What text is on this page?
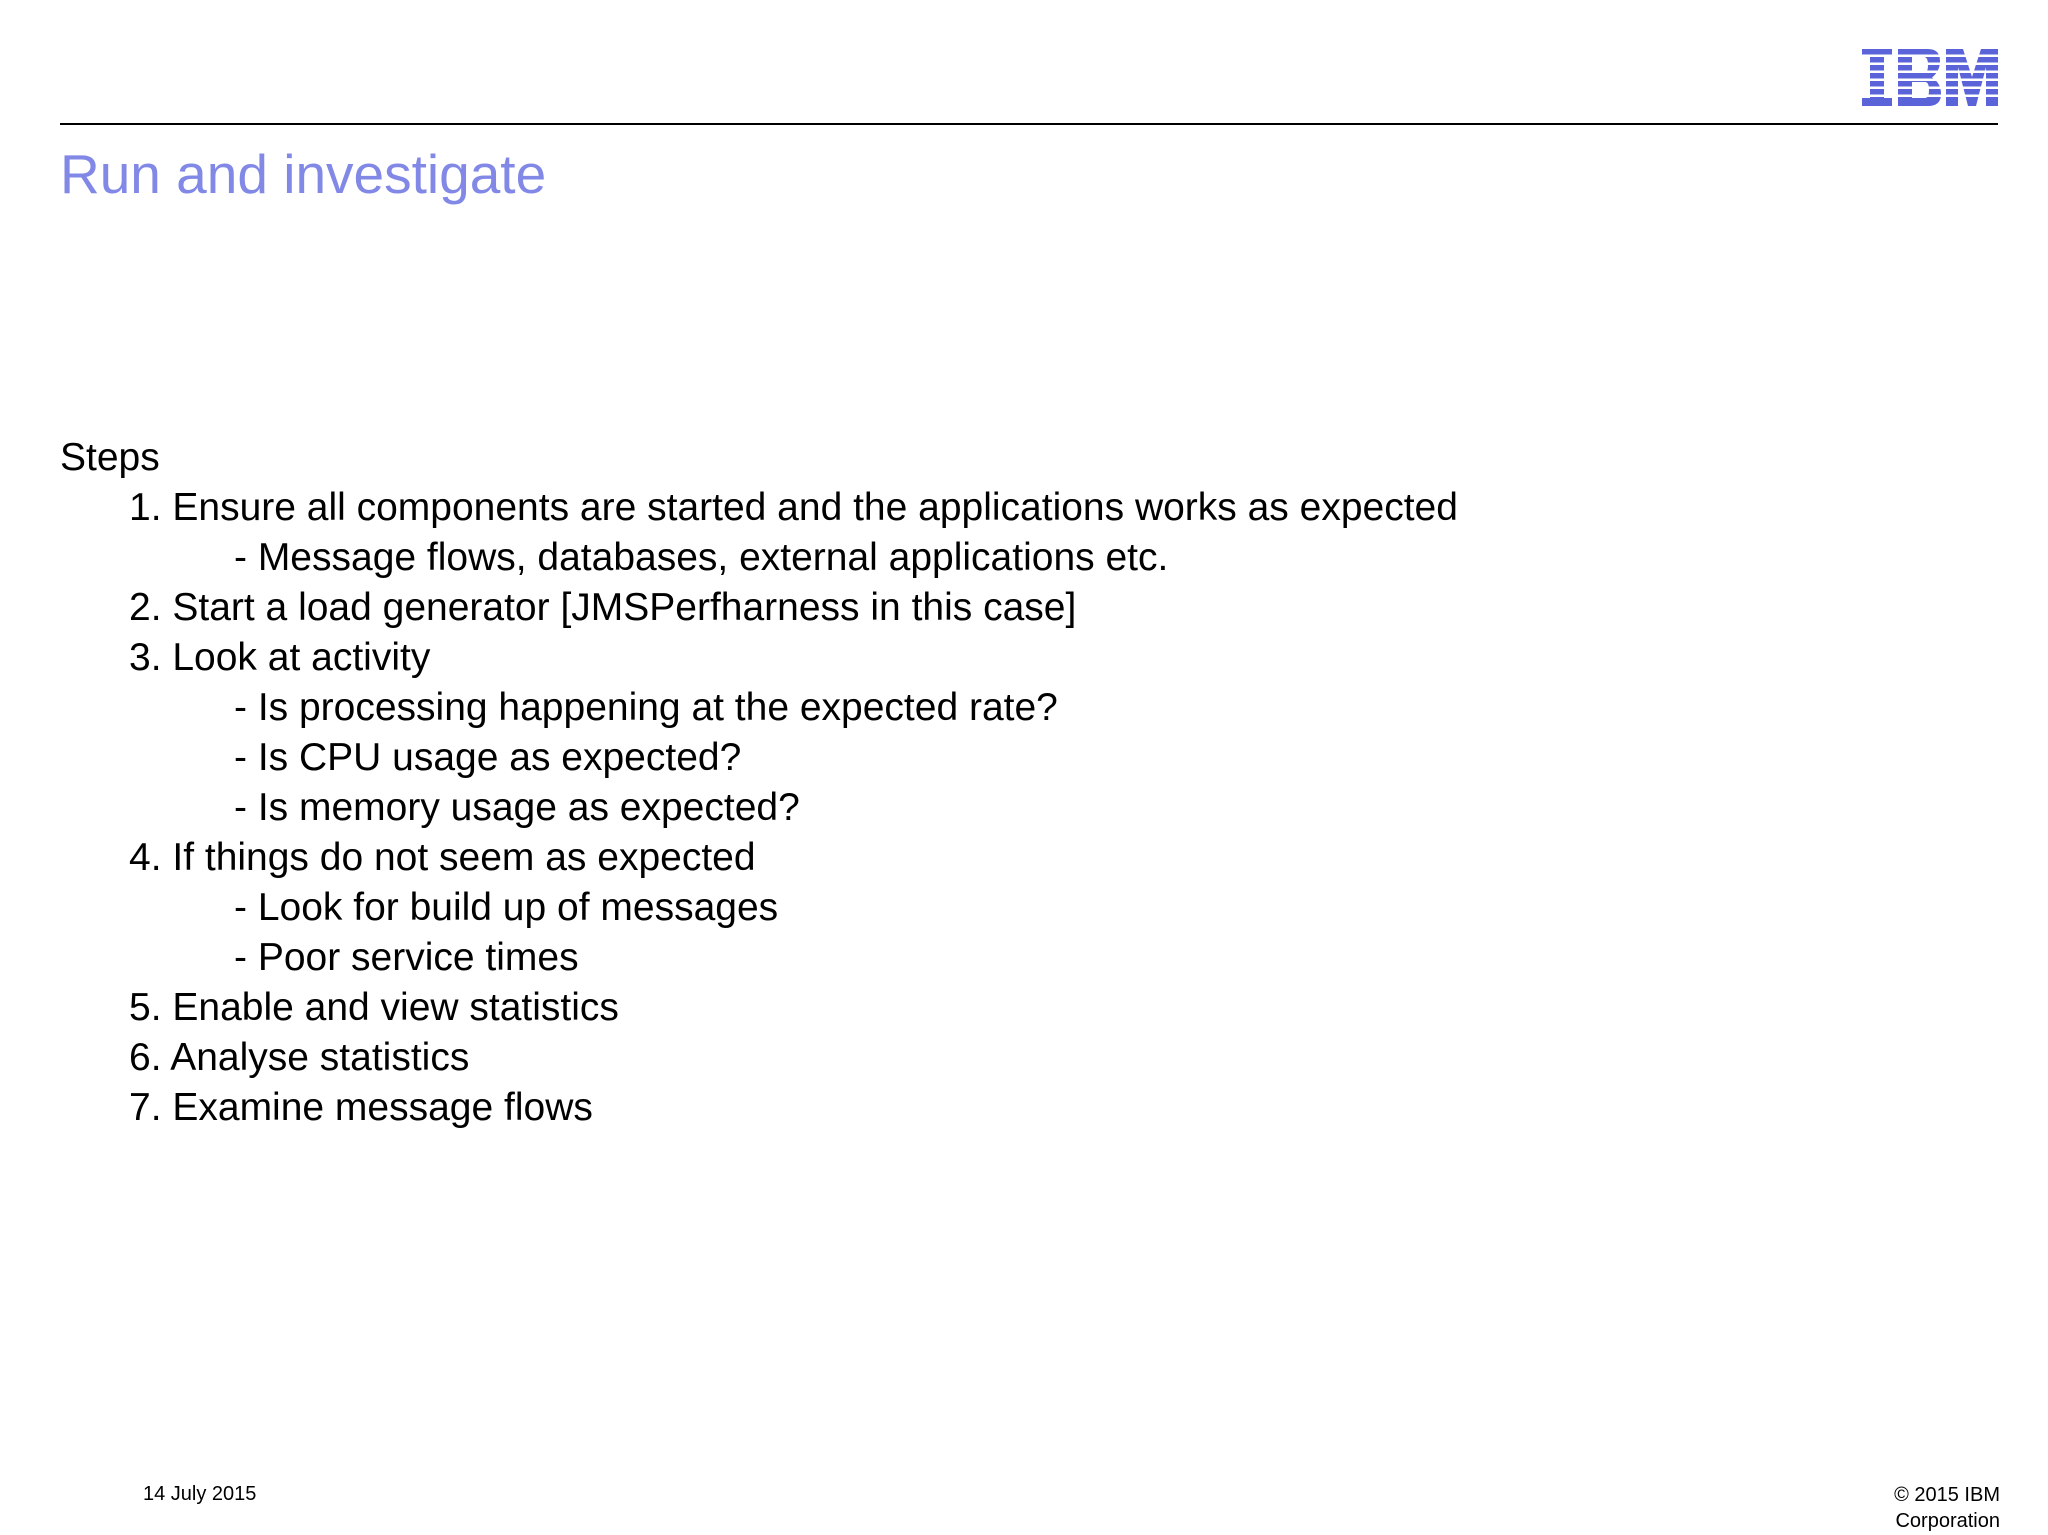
Run and investigate
Steps
1. Ensure all components are started and the applications works as expected
- Message flows, databases, external applications etc.
2. Start a load generator [JMSPerfharness in this case]
3. Look at activity
- Is processing happening at the expected rate?
- Is CPU usage as expected?
- Is memory usage as expected?
4. If things do not seem as expected
- Look for build up of messages
- Poor service times
5. Enable and view statistics
6. Analyse statistics
7. Examine message flows
14 July 2015	© 2015 IBM
Corporation
